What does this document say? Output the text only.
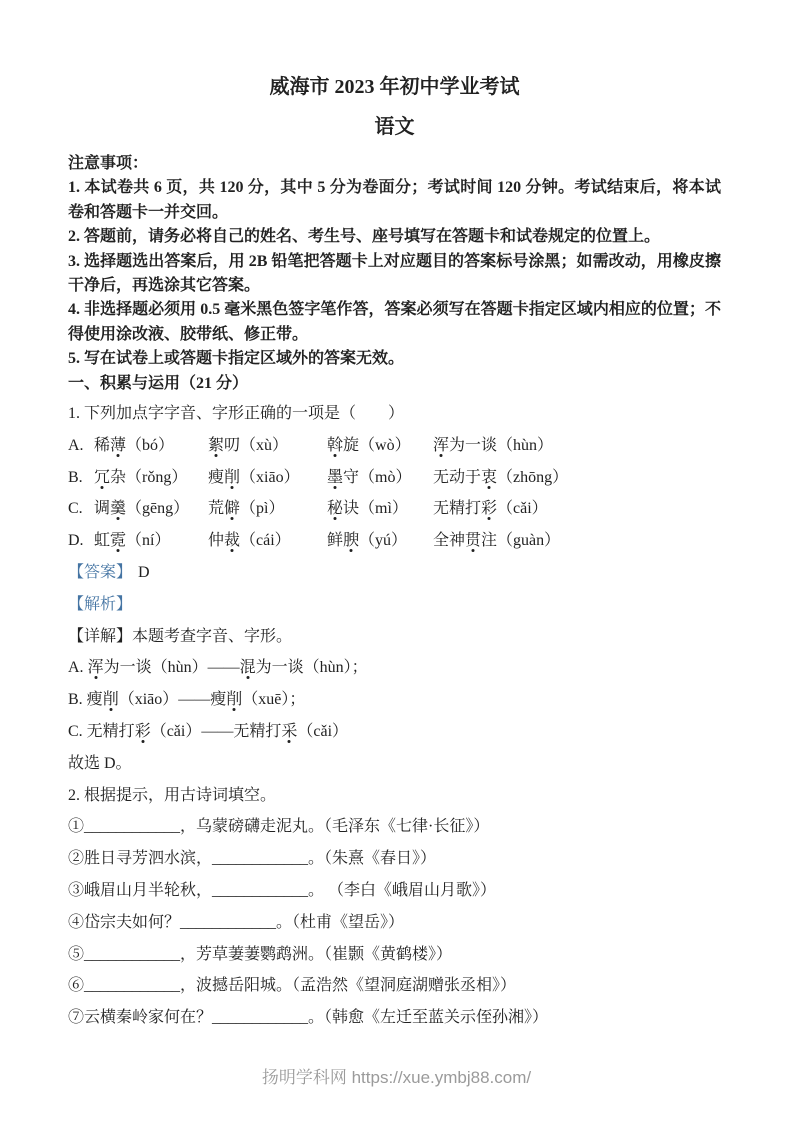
威海市 2023 年初中学业考试
语文

注意事项：

1. 本试卷共 6 页，共 120 分，其中 5 分为卷面分；考试时间 120 分钟。考试结束后，将本试卷和答题卡一并交回。

2. 答题前，请务必将自己的姓名、考生号、座号填写在答题卡和试卷规定的位置上。

3. 选择题选出答案后，用 2B 铅笔把答题卡上对应题目的答案标号涂黑；如需改动，用橡皮擦干净后，再选涂其它答案。

4. 非选择题必须用 0.5 毫米黑色签字笔作答，答案必须写在答题卡指定区域内相应的位置；不得使用涂改液、胶带纸、修正带。

5. 写在试卷上或答题卡指定区域外的答案无效。

一、积累与运用（21 分）

1. 下列加点字字音、字形正确的一项是（　　）

A. 稀薄（bó）	絮叨（xù）	斡旋（wò）	浑为一谈（hùn）
B. 冗杂（rǒng）	瘦削（xiāo）	墨守（mò）	无动于衷（zhōng）
C. 调羹（gēng）	荒僻（pì）	秘诀（mì）	无精打彩（cǎi）
D. 虹霓（ní）	仲裁（cái）	鲜腴（yú）	全神贯注（guàn）

【答案】 D

【解析】

【详解】本题考查字音、字形。

A. 浑为一谈（hùn）——混为一谈（hùn）；

B. 瘦削（xiāo）——瘦削（xuē）；

C. 无精打彩（cǎi）——无精打采（cǎi）

故选 D。

2. 根据提示，用古诗词填空。

①____________，乌蒙磅礴走泥丸。（毛泽东《七律·长征》）

②胜日寻芳泗水滨，____________。（朱熹《春日》）

③峨眉山月半轮秋，____________。 （李白《峨眉山月歌》）

④岱宗夫如何？____________。（杜甫《望岳》）

⑤____________，芳草萋萋鹦鹉洲。（崔颢《黄鹤楼》）

⑥____________，波撼岳阳城。（孟浩然《望洞庭湖赠张丞相》）

⑦云横秦岭家何在？____________。（韩愈《左迁至蓝关示侄孙湘》）

扬明学科网 https://xue.ymbj88.com/
